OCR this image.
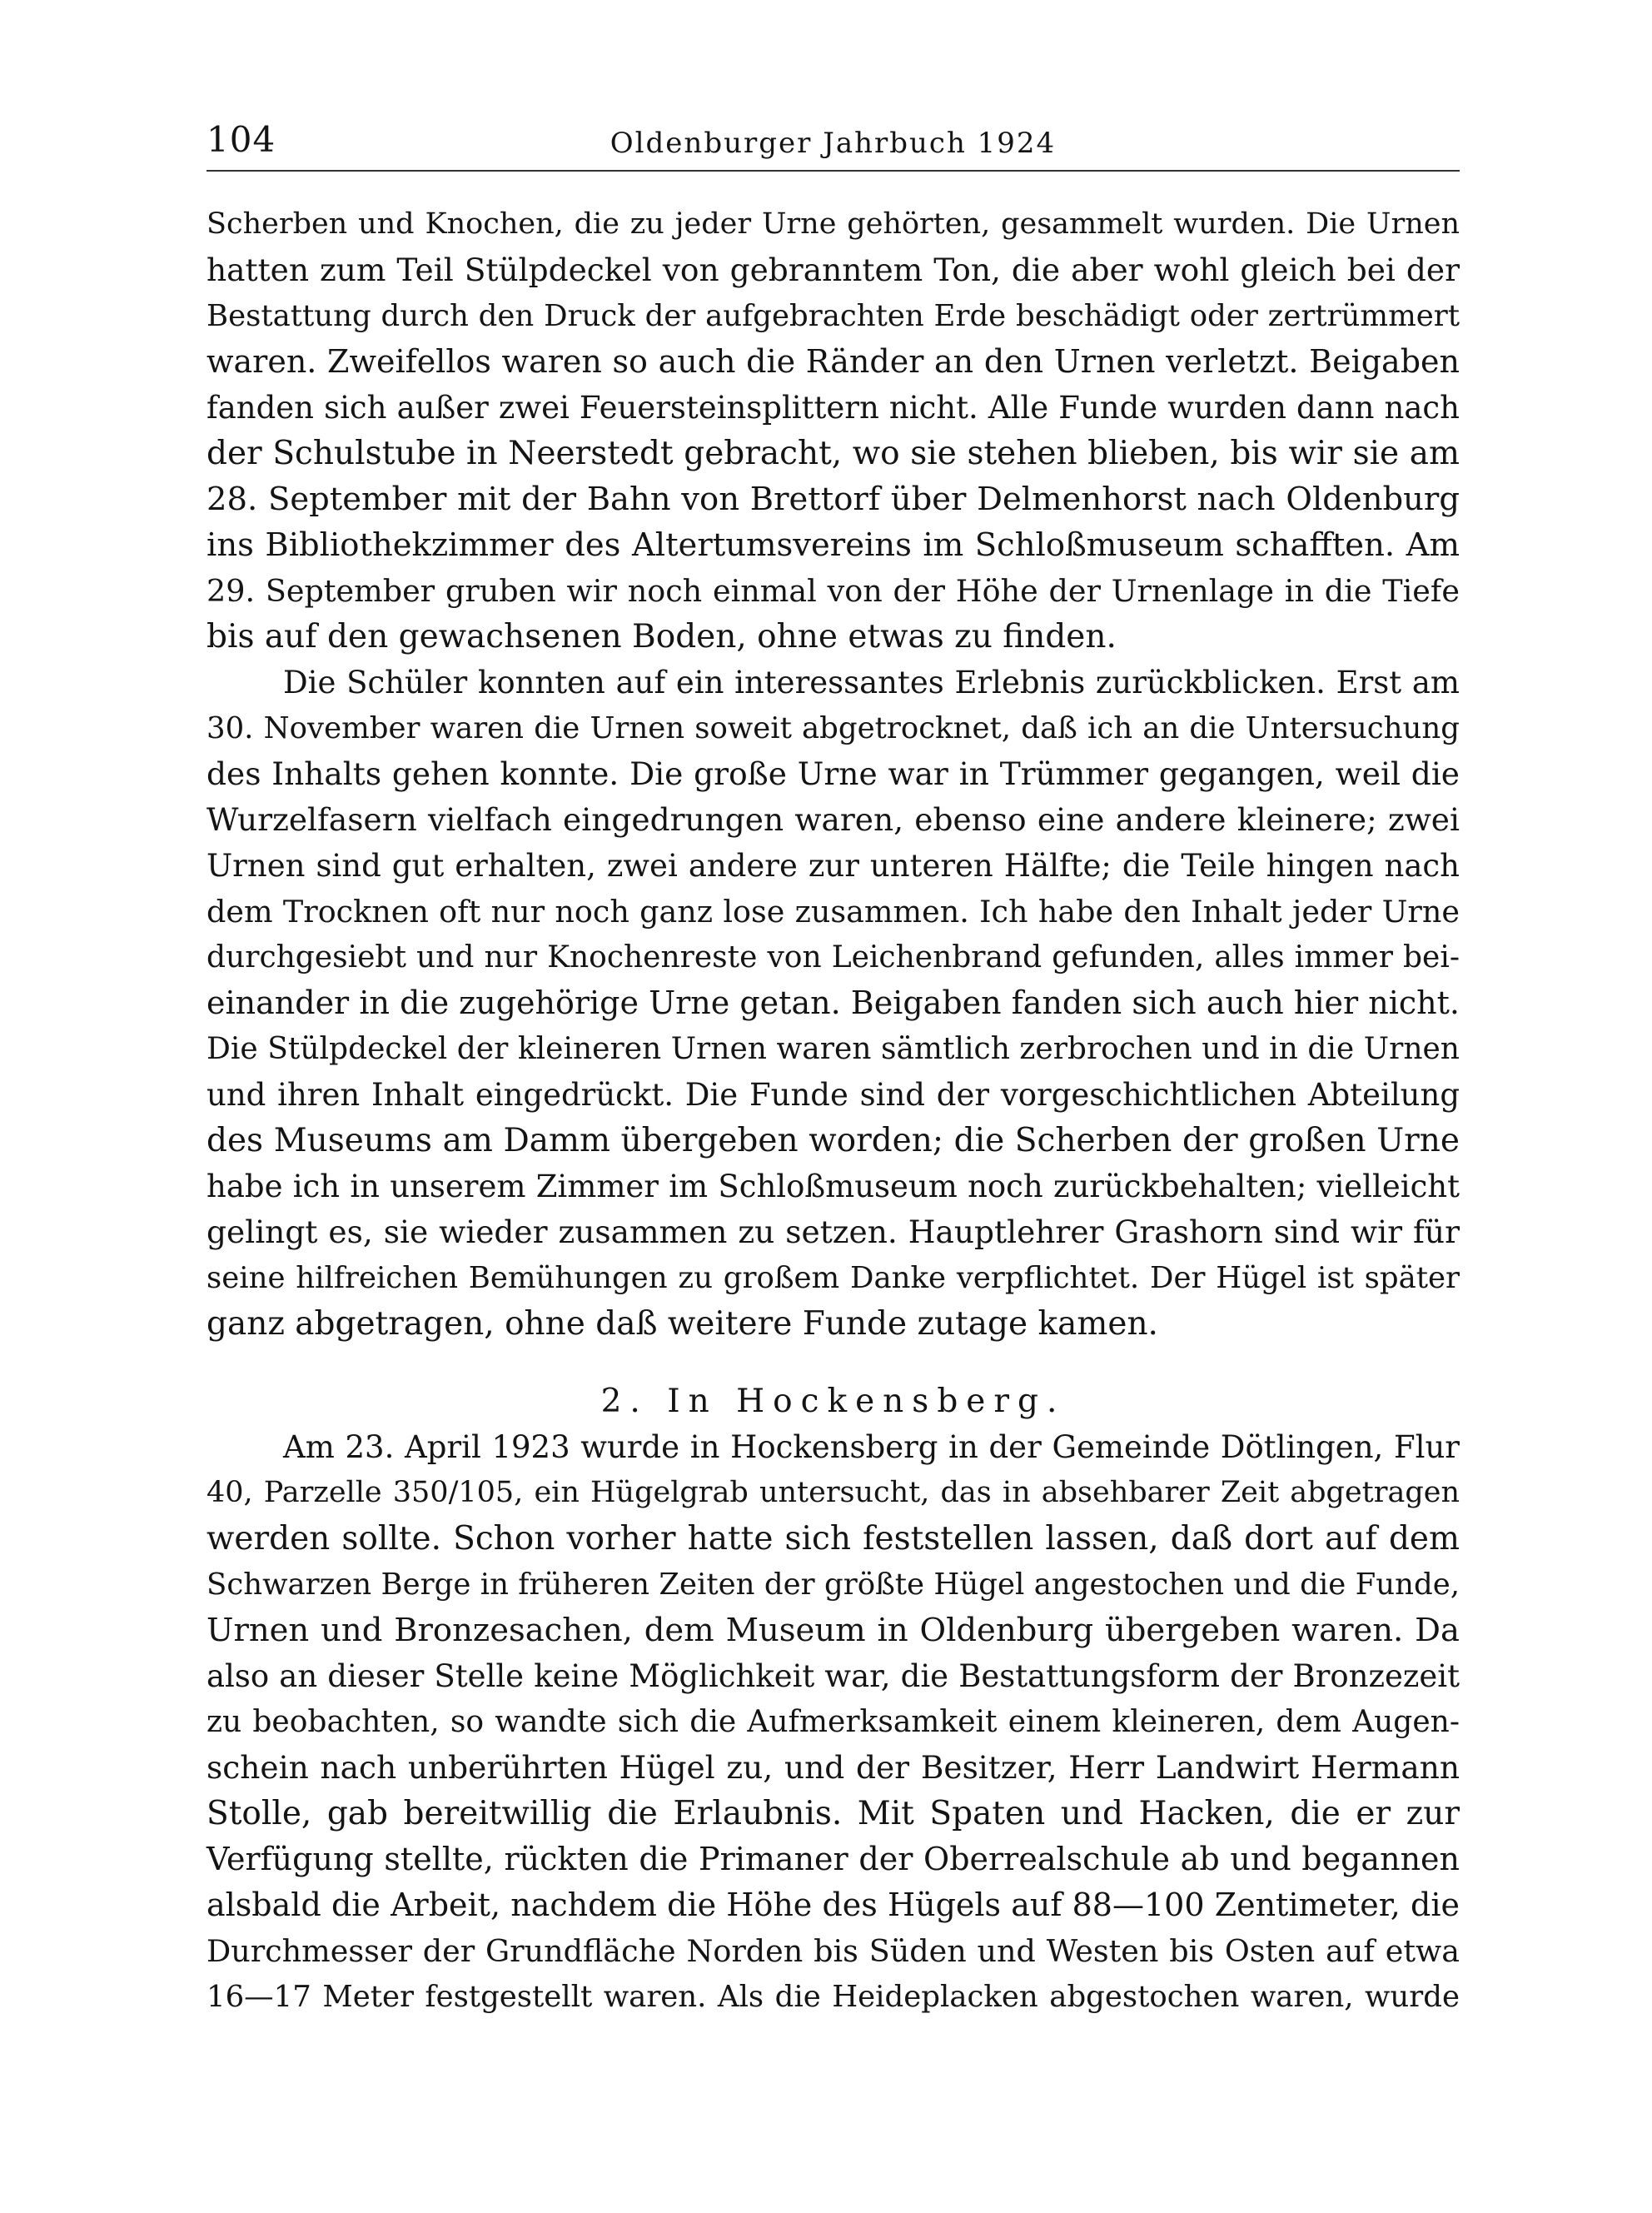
104	Oldenburger Jahrbuch 1924
Scherben und Knochen, die zu jeder Urne gehörten, gesammelt wurden. Die Urnen
hatten zum Teil Stülpdeckel von gebranntem Ton, die aber wohl gleich bei der
Bestattung durch den Druck der aufgebrachten Erde beschädigt oder zertrümmert
waren. Zweifellos waren so auch die Ränder an den Urnen verletzt. Beigaben
fanden sich außer zwei Feuersteinsplittern nicht. Alle Funde wurden dann nach
der Schulstube in Neerstedt gebracht, wo sie stehen blieben, bis wir sie am
28. September mit der Bahn von Brettorf über Delmenhorst nach Oldenburg
ins Bibliothekzimmer des Altertumsvereins im Schloßmuseum schafften. Am
29. September gruben wir noch einmal von der Höhe der Urnenlage in die Tiefe
bis auf den gewachsenen Boden, ohne etwas zu finden.
Die Schüler konnten auf ein interessantes Erlebnis zurückblicken. Erst am
30. November waren die Urnen soweit abgetrocknet, daß ich an die Untersuchung
des Inhalts gehen konnte. Die große Urne war in Trümmer gegangen, weil die
Wurzelfasern vielfach eingedrungen waren, ebenso eine andere kleinere; zwei
Urnen sind gut erhalten, zwei andere zur unteren Hälfte; die Teile hingen nach
dem Trocknen oft nur noch ganz lose zusammen. Ich habe den Inhalt jeder Urne
durchgesiebt und nur Knochenreste von Leichenbrand gefunden, alles immer bei-
einander in die zugehörige Urne getan. Beigaben fanden sich auch hier nicht.
Die Stülpdeckel der kleineren Urnen waren sämtlich zerbrochen und in die Urnen
und ihren Inhalt eingedrückt. Die Funde sind der vorgeschichtlichen Abteilung
des Museums am Damm übergeben worden; die Scherben der großen Urne
habe ich in unserem Zimmer im Schloßmuseum noch zurückbehalten; vielleicht
gelingt es, sie wieder zusammen zu setzen. Hauptlehrer Grashorn sind wir für
seine hilfreichen Bemühungen zu großem Danke verpflichtet. Der Hügel ist später
ganz abgetragen, ohne daß weitere Funde zutage kamen.
2. In Hockensberg.
Am 23. April 1923 wurde in Hockensberg in der Gemeinde Dötlingen, Flur
40, Parzelle 350/105, ein Hügelgrab untersucht, das in absehbarer Zeit abgetragen
werden sollte. Schon vorher hatte sich feststellen lassen, daß dort auf dem
Schwarzen Berge in früheren Zeiten der größte Hügel angestochen und die Funde,
Urnen und Bronzesachen, dem Museum in Oldenburg übergeben waren. Da
also an dieser Stelle keine Möglichkeit war, die Bestattungsform der Bronzezeit
zu beobachten, so wandte sich die Aufmerksamkeit einem kleineren, dem Augen-
schein nach unberührten Hügel zu, und der Besitzer, Herr Landwirt Hermann
Stolle, gab bereitwillig die Erlaubnis. Mit Spaten und Hacken, die er zur
Verfügung stellte, rückten die Primaner der Oberrealschule ab und begannen
alsbald die Arbeit, nachdem die Höhe des Hügels auf 88—100 Zentimeter, die
Durchmesser der Grundfläche Norden bis Süden und Westen bis Osten auf etwa
16—17 Meter festgestellt waren. Als die Heideplacken abgestochen waren, wurde
